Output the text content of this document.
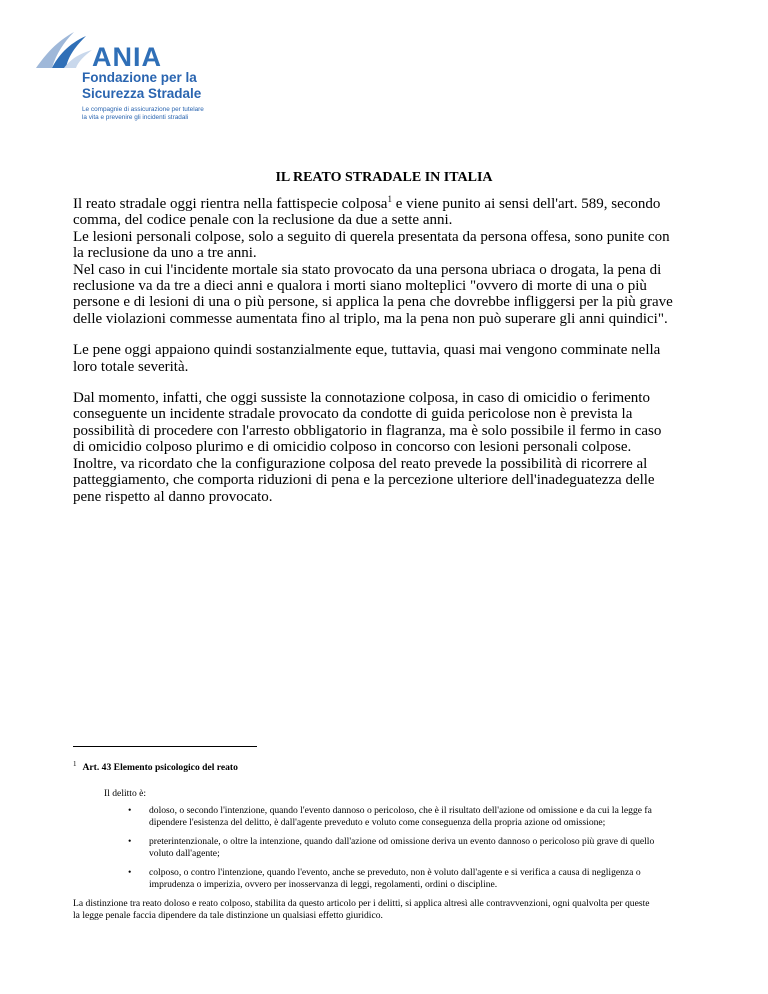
ANIA
Fondazione per la
Sicurezza Stradale
Le compagnie di assicurazione per tutelare
la vita e prevenire gli incidenti stradali
IL REATO STRADALE IN ITALIA

Il reato stradale oggi rientra nella fattispecie colposa$^1$ e viene punito ai sensi dell'art. 589, secondo
comma, del codice penale con la reclusione da due a sette anni.
Le lesioni personali colpose, solo a seguito di querela presentata da persona offesa, sono punite con
la reclusione da uno a tre anni.
Nel caso in cui l'incidente mortale sia stato provocato da una persona ubriaca o drogata, la pena di
reclusione va da tre a dieci anni e qualora i morti siano molteplici "ovvero di morte di una o più
persone e di lesioni di una o più persone, si applica la pena che dovrebbe infliggersi per la più grave
delle violazioni commesse aumentata fino al triplo, ma la pena non può superare gli anni quindici".

Le pene oggi appaiono quindi sostanzialmente eque, tuttavia, quasi mai vengono comminate nella
loro totale severità.

Dal momento, infatti, che oggi sussiste la connotazione colposa, in caso di omicidio o ferimento
conseguente un incidente stradale provocato da condotte di guida pericolose non è prevista la
possibilità di procedere con l'arresto obbligatorio in flagranza, ma è solo possibile il fermo in caso
di omicidio colposo plurimo e di omicidio colposo in concorso con lesioni personali colpose.
Inoltre, va ricordato che la configurazione colposa del reato prevede la possibilità di ricorrere al
patteggiamento, che comporta riduzioni di pena e la percezione ulteriore dell'inadeguatezza delle
pene rispetto al danno provocato.

$^1$ Art. 43 Elemento psicologico del reato
Il delitto è:
• doloso, o secondo l'intenzione, quando l'evento dannoso o pericoloso, che è il risultato dell'azione od omissione e da cui la legge fa
dipendere l'esistenza del delitto, è dall'agente preveduto e voluto come conseguenza della propria azione od omissione;
• preterintenzionale, o oltre la intenzione, quando dall'azione od omissione deriva un evento dannoso o pericoloso più grave di quello
voluto dall'agente;
• colposo, o contro l'intenzione, quando l'evento, anche se preveduto, non è voluto dall'agente e si verifica a causa di negligenza o
imprudenza o imperizia, ovvero per inosservanza di leggi, regolamenti, ordini o discipline.
La distinzione tra reato doloso e reato colposo, stabilita da questo articolo per i delitti, si applica altresì alle contravvenzioni, ogni qualvolta per queste
la legge penale faccia dipendere da tale distinzione un qualsiasi effetto giuridico.
